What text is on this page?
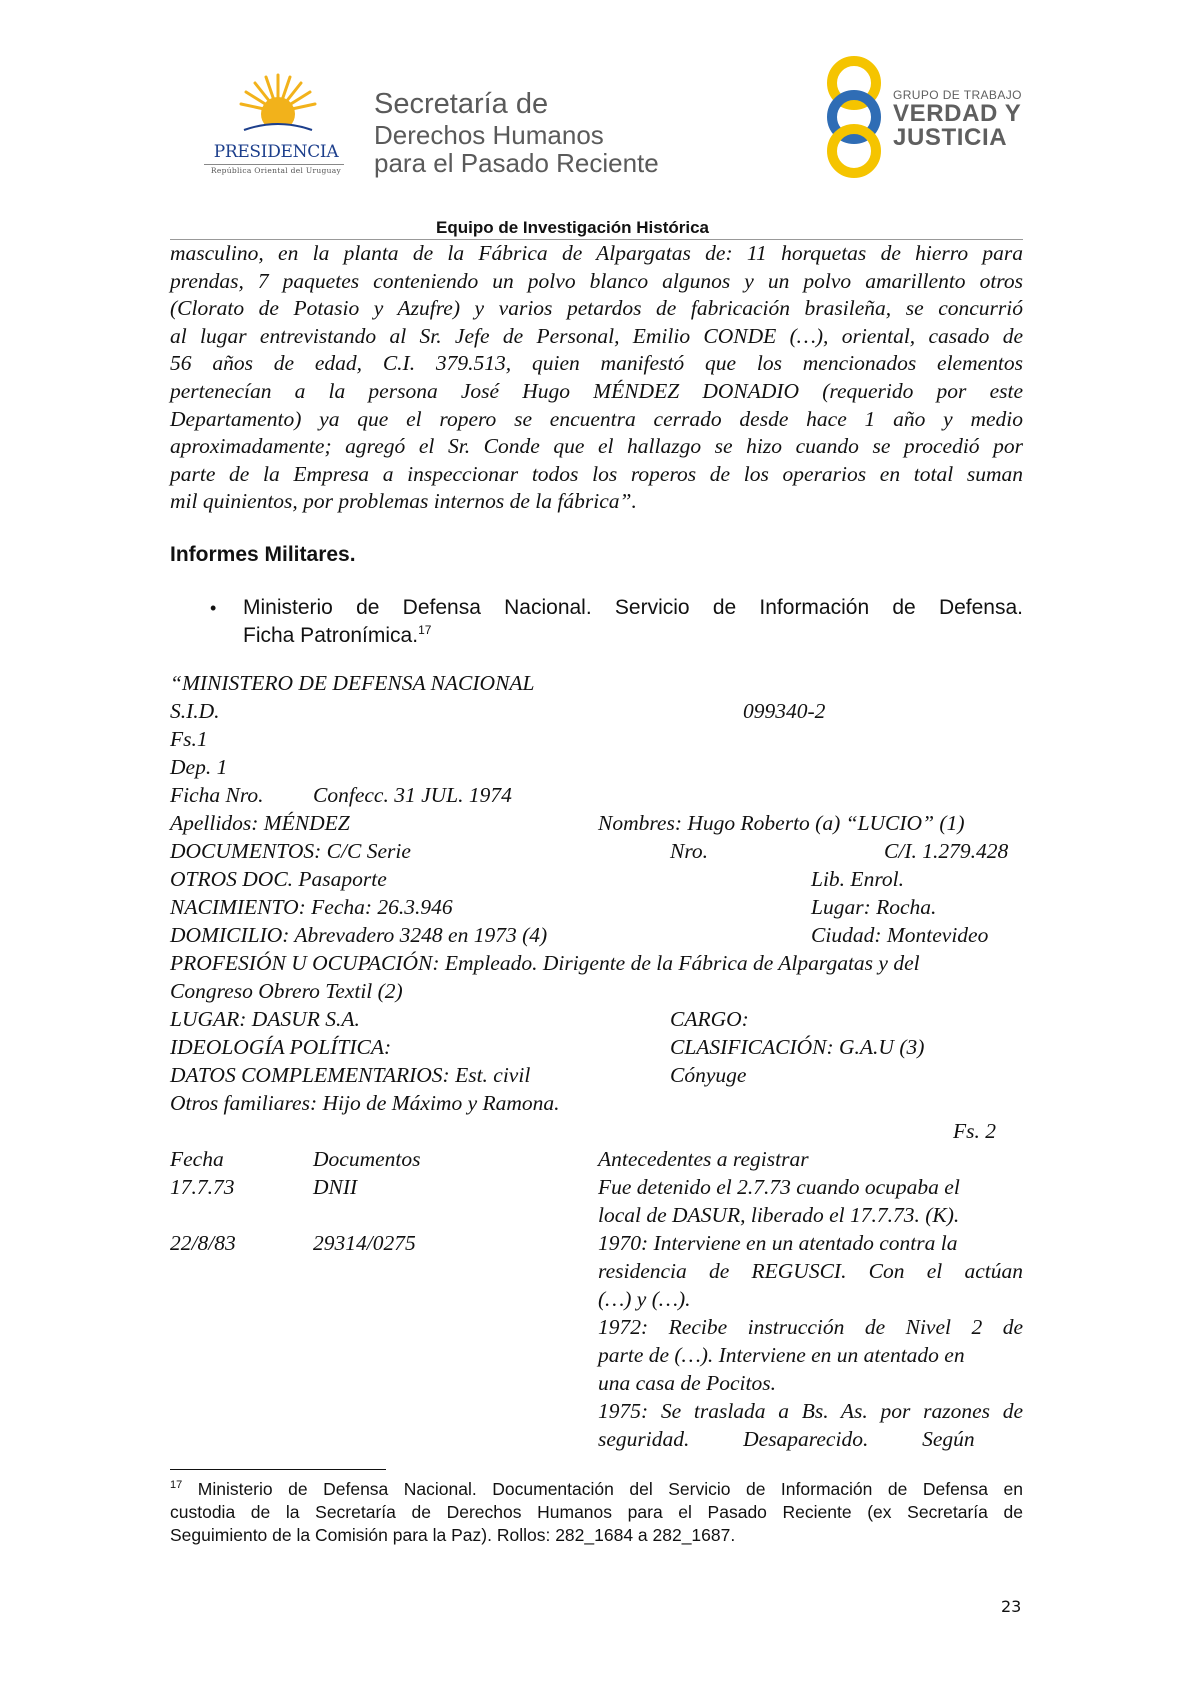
PRESIDENCIA
República Oriental del Uruguay
Secretaría de
Derechos Humanos
para el Pasado Reciente
GRUPO DE TRABAJO
VERDAD Y
JUSTICIA
Equipo de Investigación Histórica
masculino, en la planta de la Fábrica de Alpargatas de: 11 horquetas de hierro para
prendas, 7 paquetes conteniendo un polvo blanco algunos y un polvo amarillento otros
(Clorato de Potasio y Azufre) y varios petardos de fabricación brasileña, se concurrió
al lugar entrevistando al Sr. Jefe de Personal, Emilio CONDE (…), oriental, casado de
56 años de edad, C.I. 379.513, quien manifestó que los mencionados elementos
pertenecían a la persona José Hugo MÉNDEZ DONADIO (requerido por este
Departamento) ya que el ropero se encuentra cerrado desde hace 1 año y medio
aproximadamente; agregó el Sr. Conde que el hallazgo se hizo cuando se procedió por
parte de la Empresa a inspeccionar todos los roperos de los operarios en total suman
mil quinientos, por problemas internos de la fábrica”.
Informes Militares.
• Ministerio de Defensa Nacional. Servicio de Información de Defensa.
Ficha Patronímica.$^{17}$
“MINISTERO DE DEFENSA NACIONAL
S.I.D.	099340-2
Fs.1
Dep. 1
Ficha Nro. Confecc. 31 JUL. 1974
Apellidos: MÉNDEZ	Nombres: Hugo Roberto (a) “LUCIO” (1)
DOCUMENTOS: C/C Serie	Nro.	C/I. 1.279.428
OTROS DOC. Pasaporte	Lib. Enrol.
NACIMIENTO: Fecha: 26.3.946	Lugar: Rocha.
DOMICILIO: Abrevadero 3248 en 1973 (4)	Ciudad: Montevideo
PROFESIÓN U OCUPACIÓN: Empleado. Dirigente de la Fábrica de Alpargatas y del
Congreso Obrero Textil (2)
LUGAR: DASUR S.A.	CARGO:
IDEOLOGÍA POLÍTICA:	CLASIFICACIÓN: G.A.U (3)
DATOS COMPLEMENTARIOS: Est. civil	Cónyuge
Otros familiares: Hijo de Máximo y Ramona.
Fs. 2
Fecha	Documentos	Antecedentes a registrar
17.7.73	DNII	Fue detenido el 2.7.73 cuando ocupaba el
local de DASUR, liberado el 17.7.73. (K).
22/8/83	29314/0275	1970: Interviene en un atentado contra la
residencia de REGUSCI. Con el actúan
(…) y (…).
1972: Recibe instrucción de Nivel 2 de
parte de (…). Interviene en un atentado en
una casa de Pocitos.
1975: Se traslada a Bs. As. por razones de
seguridad.          Desaparecido.          Según
$^{17}$ Ministerio de Defensa Nacional. Documentación del Servicio de Información de Defensa en
custodia de la Secretaría de Derechos Humanos para el Pasado Reciente (ex Secretaría de
Seguimiento de la Comisión para la Paz). Rollos: 282_1684 a 282_1687.
23
